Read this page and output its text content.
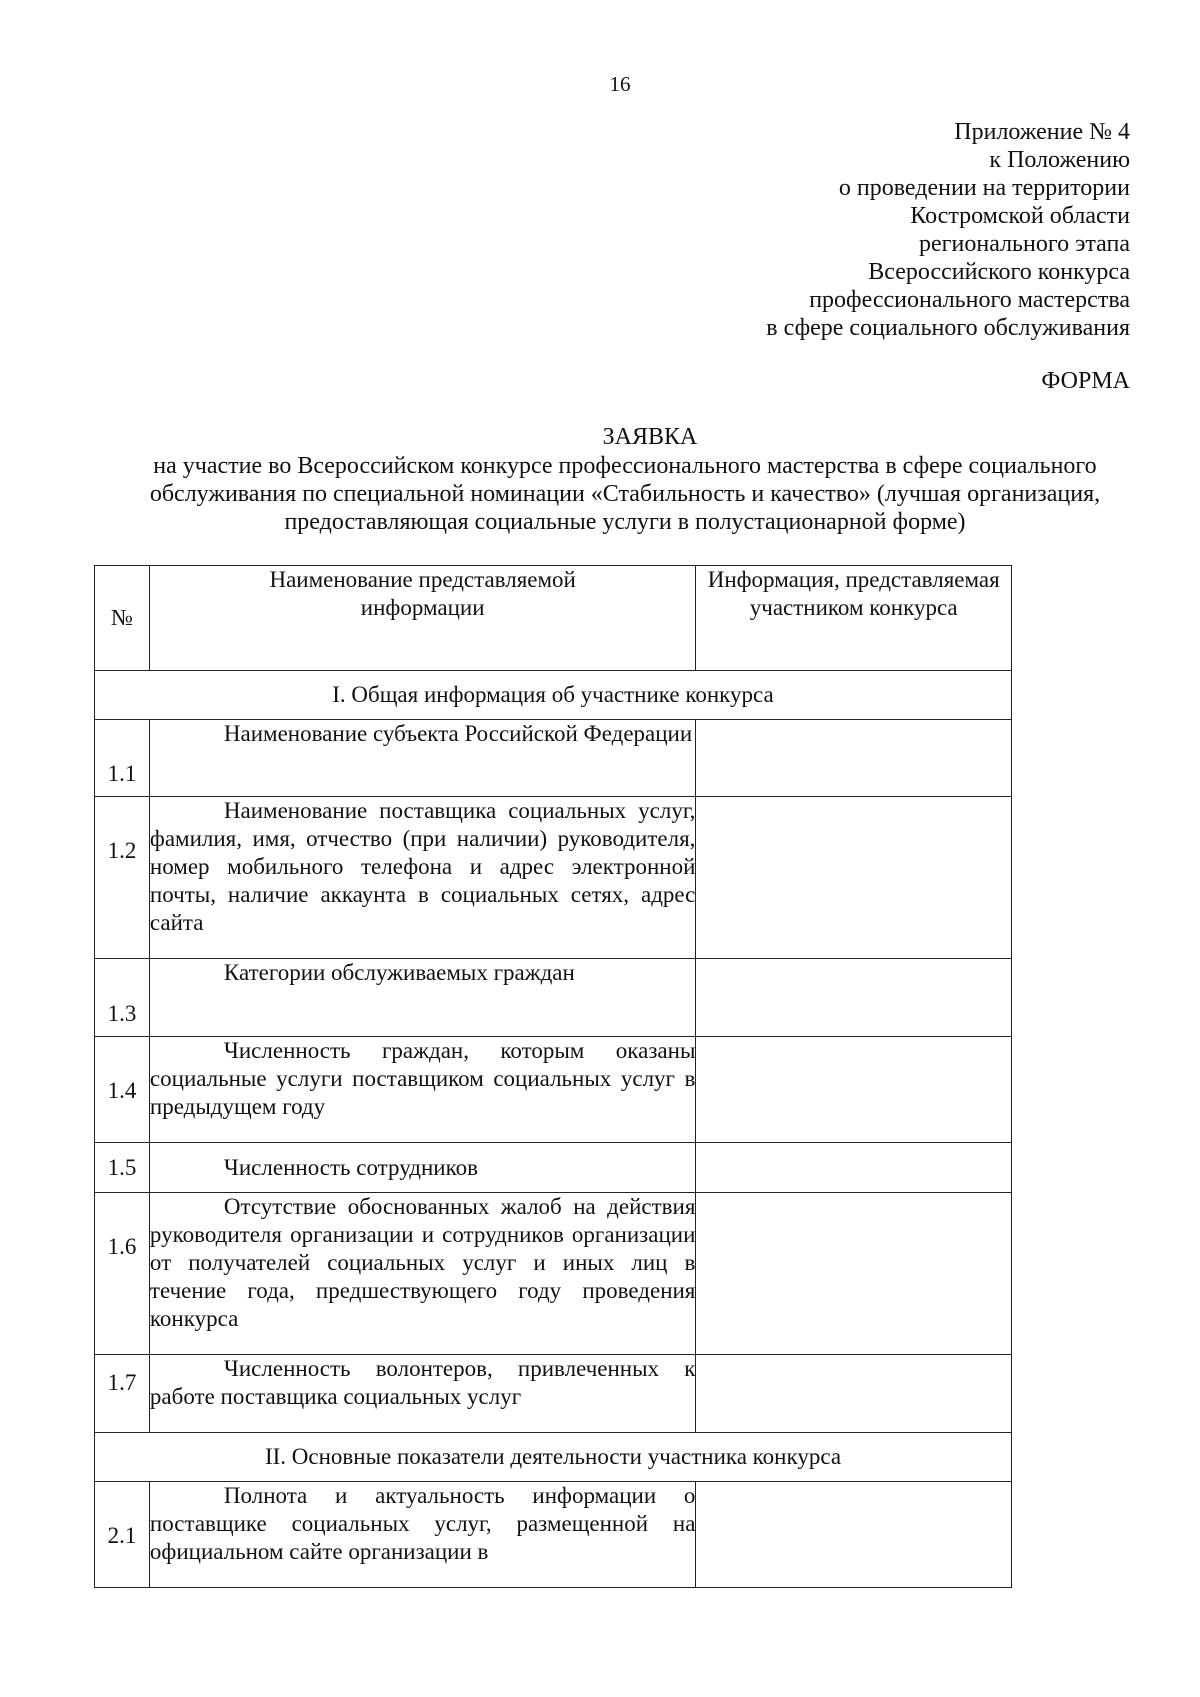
16
Приложение № 4
к Положению
о проведении на территории
Костромской области
регионального этапа
Всероссийского конкурса
профессионального мастерства
в сфере социального обслуживания
ФОРМА
ЗАЯВКА
на участие во Всероссийском конкурсе профессионального мастерства в сфере социального
обслуживания по специальной номинации «Стабильность и качество» (лучшая организация,
предоставляющая социальные услуги в полустационарной форме)
№	Наименование представляемой информации	Информация, представляемая участником конкурса
I. Общая информация об участнике конкурса		
1.1	Наименование субъекта Российской Федерации	

1.2	Наименование поставщика социальных услуг, фамилия, имя, отчество (при наличии) руководителя, номер мобильного телефона и адрес электронной почты, наличие аккаунта в социальных сетях, адрес сайта	

1.3	Категории обслуживаемых граждан	

1.4	Численность граждан, которым оказаны социальные услуги поставщиком социальных услуг в предыдущем году	

1.5	Численность сотрудников	

1.6	Отсутствие обоснованных жалоб на действия руководителя организации и сотрудников организации от получателей социальных услуг и иных лиц в течение года, предшествующего году проведения конкурса	

1.7	Численность волонтеров, привлеченных к работе поставщика социальных услуг	

II. Основные показатели деятельности участника конкурса		
2.1	Полнота и актуальность информации о поставщике социальных услуг, размещенной на официальном сайте организации в	
